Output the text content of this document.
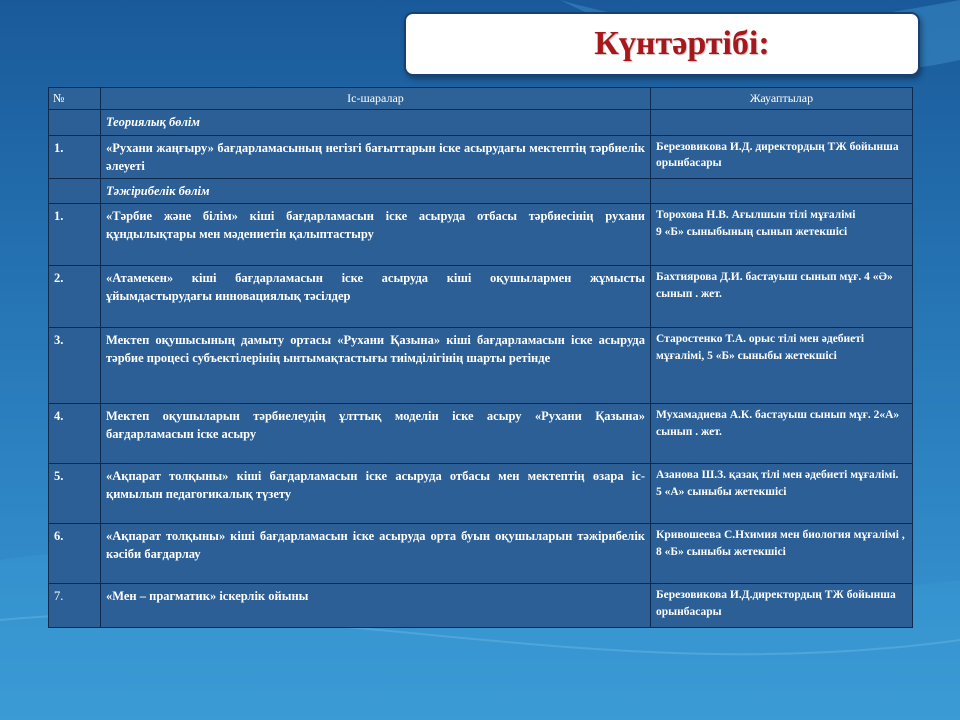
Күнтәртібі:
№	Іс-шаралар	Жауаптылар
	Теориялық бөлім	
1.	«Рухани жаңғыру» бағдарламасының негізгі бағыттарын іске асырудағы мектептің тәрбиелік әлеуеті	Березовикова И.Д. директордың ТЖ бойынша орынбасары
	Тәжірибелік бөлім	
1.	«Тәрбие және білім» кіші бағдарламасын іске асыруда отбасы тәрбиесінің рухани құндылықтары мен мәдениетін қалыптастыру	Торохова Н.В. Ағылшын тілі мұғалімі
9 «Б» сыныбының сынып жетекшісі
2.	«Атамекен» кіші бағдарламасын іске асыруда кіші оқушылармен жұмысты ұйымдастырудағы инновациялық тәсілдер	Бахтиярова Д.И. бастауыш сынып мұғ. 4 «Ә» сынып . жет.
3.	Мектеп оқушысының дамыту ортасы «Рухани Қазына» кіші бағдарламасын іске асыруда тәрбие процесі субъектілерінің ынтымақтастығы тиімділігінің шарты ретінде	Старостенко Т.А. орыс тілі мен әдебиеті мұғалімі, 5 «Б» сыныбы жетекшісі
4.	Мектеп оқушыларын тәрбиелеудің ұлттық моделін іске асыру «Рухани Қазына» бағдарламасын іске асыру	Мухамадиева А.К. бастауыш сынып мұғ. 2«А» сынып . жет.
5.	«Ақпарат толқыны» кіші бағдарламасын іске асыруда отбасы мен мектептің өзара іс-қимылын педагогикалық түзету	Азанова Ш.З. қазақ тілі мен әдебиеті мұғалімі. 5 «А» сыныбы жетекшісі
6.	«Ақпарат толқыны» кіші бағдарламасын іске асыруда орта буын оқушыларын тәжірибелік кәсіби бағдарлау	Кривошеева С.Нхимия мен биология мұғалімі , 8 «Б» сыныбы жетекшісі
7.	«Мен – прагматик» іскерлік ойыны	Березовикова И.Д.директордың ТЖ бойынша орынбасары
